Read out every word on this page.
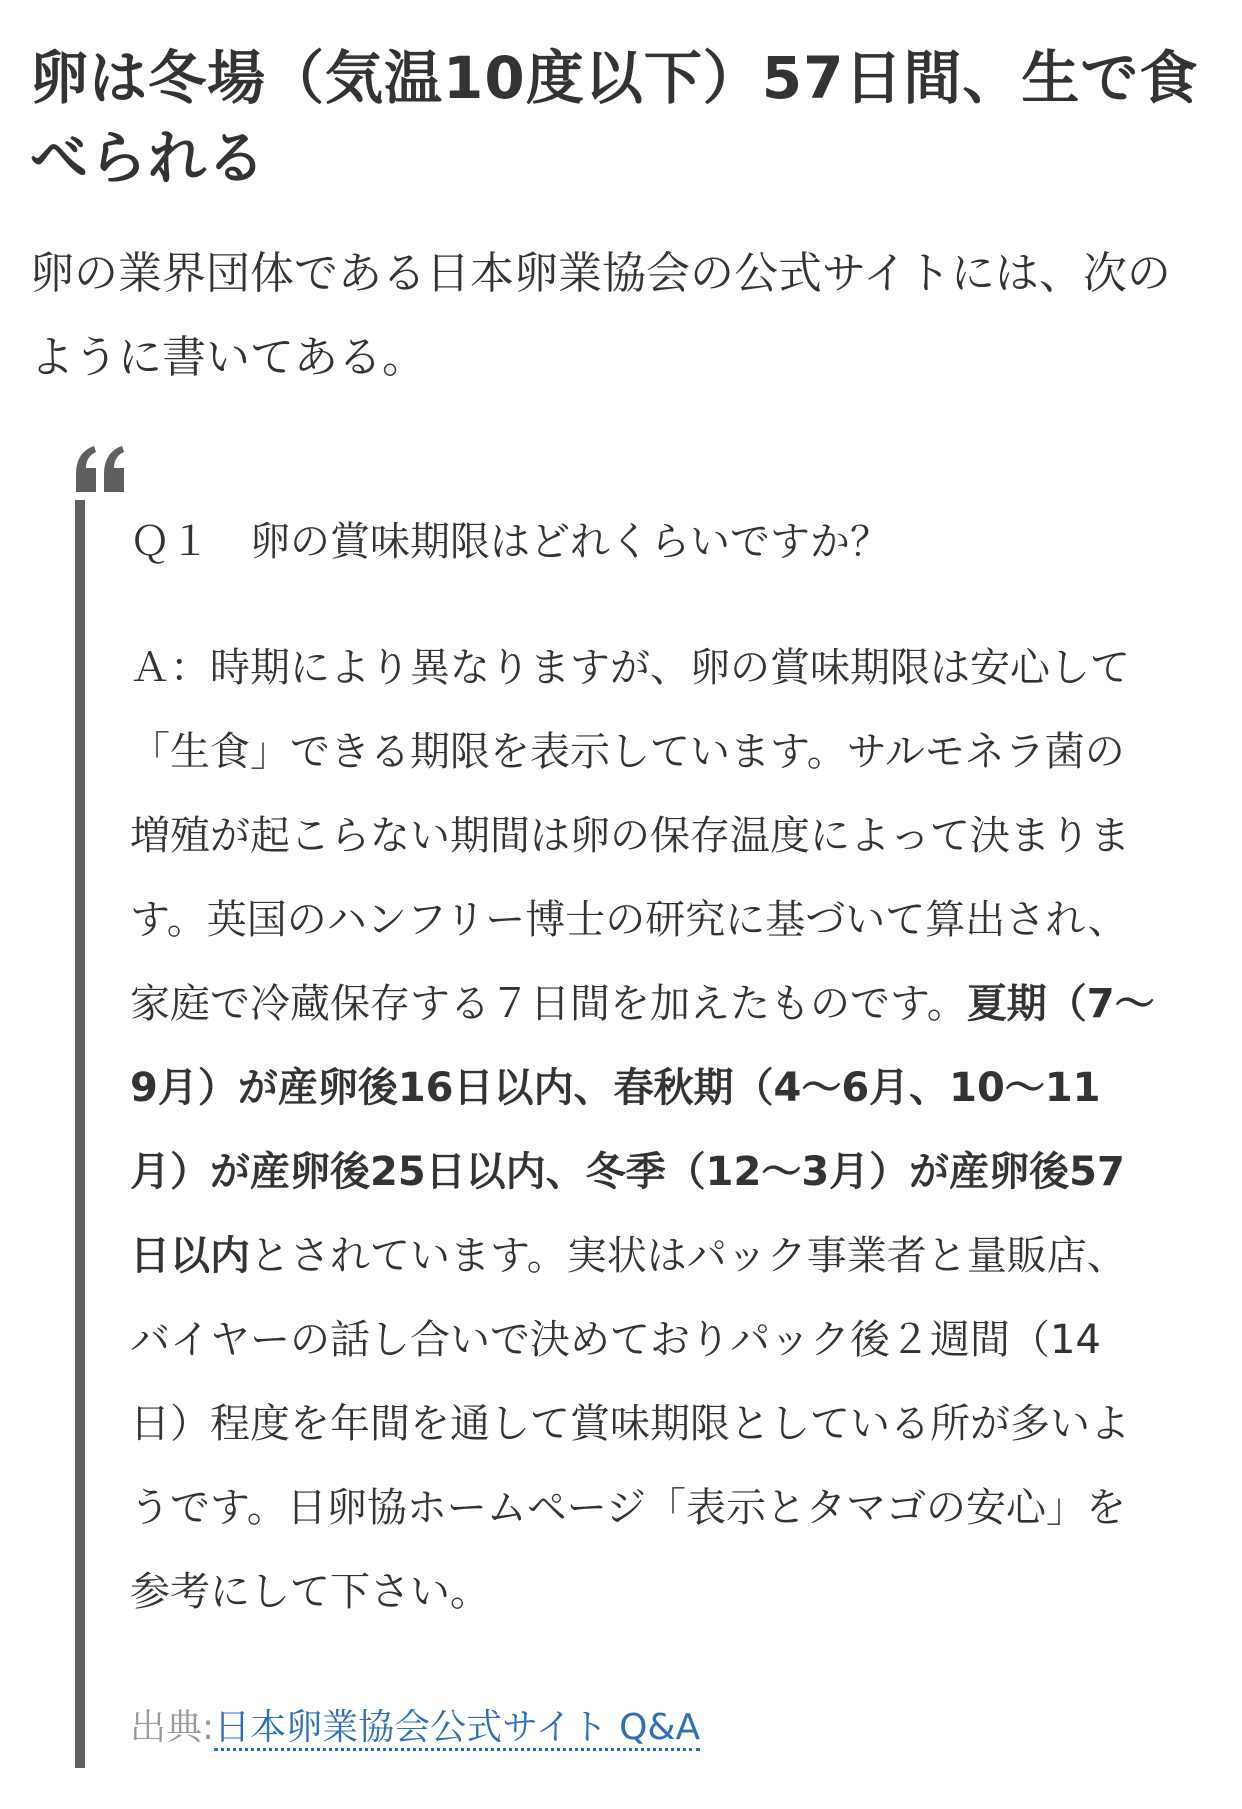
卵は冬場（気温10度以下）57日間、生で食べられる

卵の業界団体である日本卵業協会の公式サイトには、次のように書いてある。

Ｑ１　卵の賞味期限はどれくらいですか？

Ａ：時期により異なりますが、卵の賞味期限は安心して「生食」できる期限を表示しています。サルモネラ菌の増殖が起こらない期間は卵の保存温度によって決まります。英国のハンフリー博士の研究に基づいて算出され、家庭で冷蔵保存する７日間を加えたものです。夏期（7〜9月）が産卵後16日以内、春秋期（4〜6月、10〜11月）が産卵後25日以内、冬季（12〜3月）が産卵後57日以内とされています。実状はパック事業者と量販店、バイヤーの話し合いで決めておりパック後２週間（14日）程度を年間を通して賞味期限としている所が多いようです。日卵協ホームページ「表示とタマゴの安心」を参考にして下さい。

出典:日本卵業協会公式サイト Q&A
